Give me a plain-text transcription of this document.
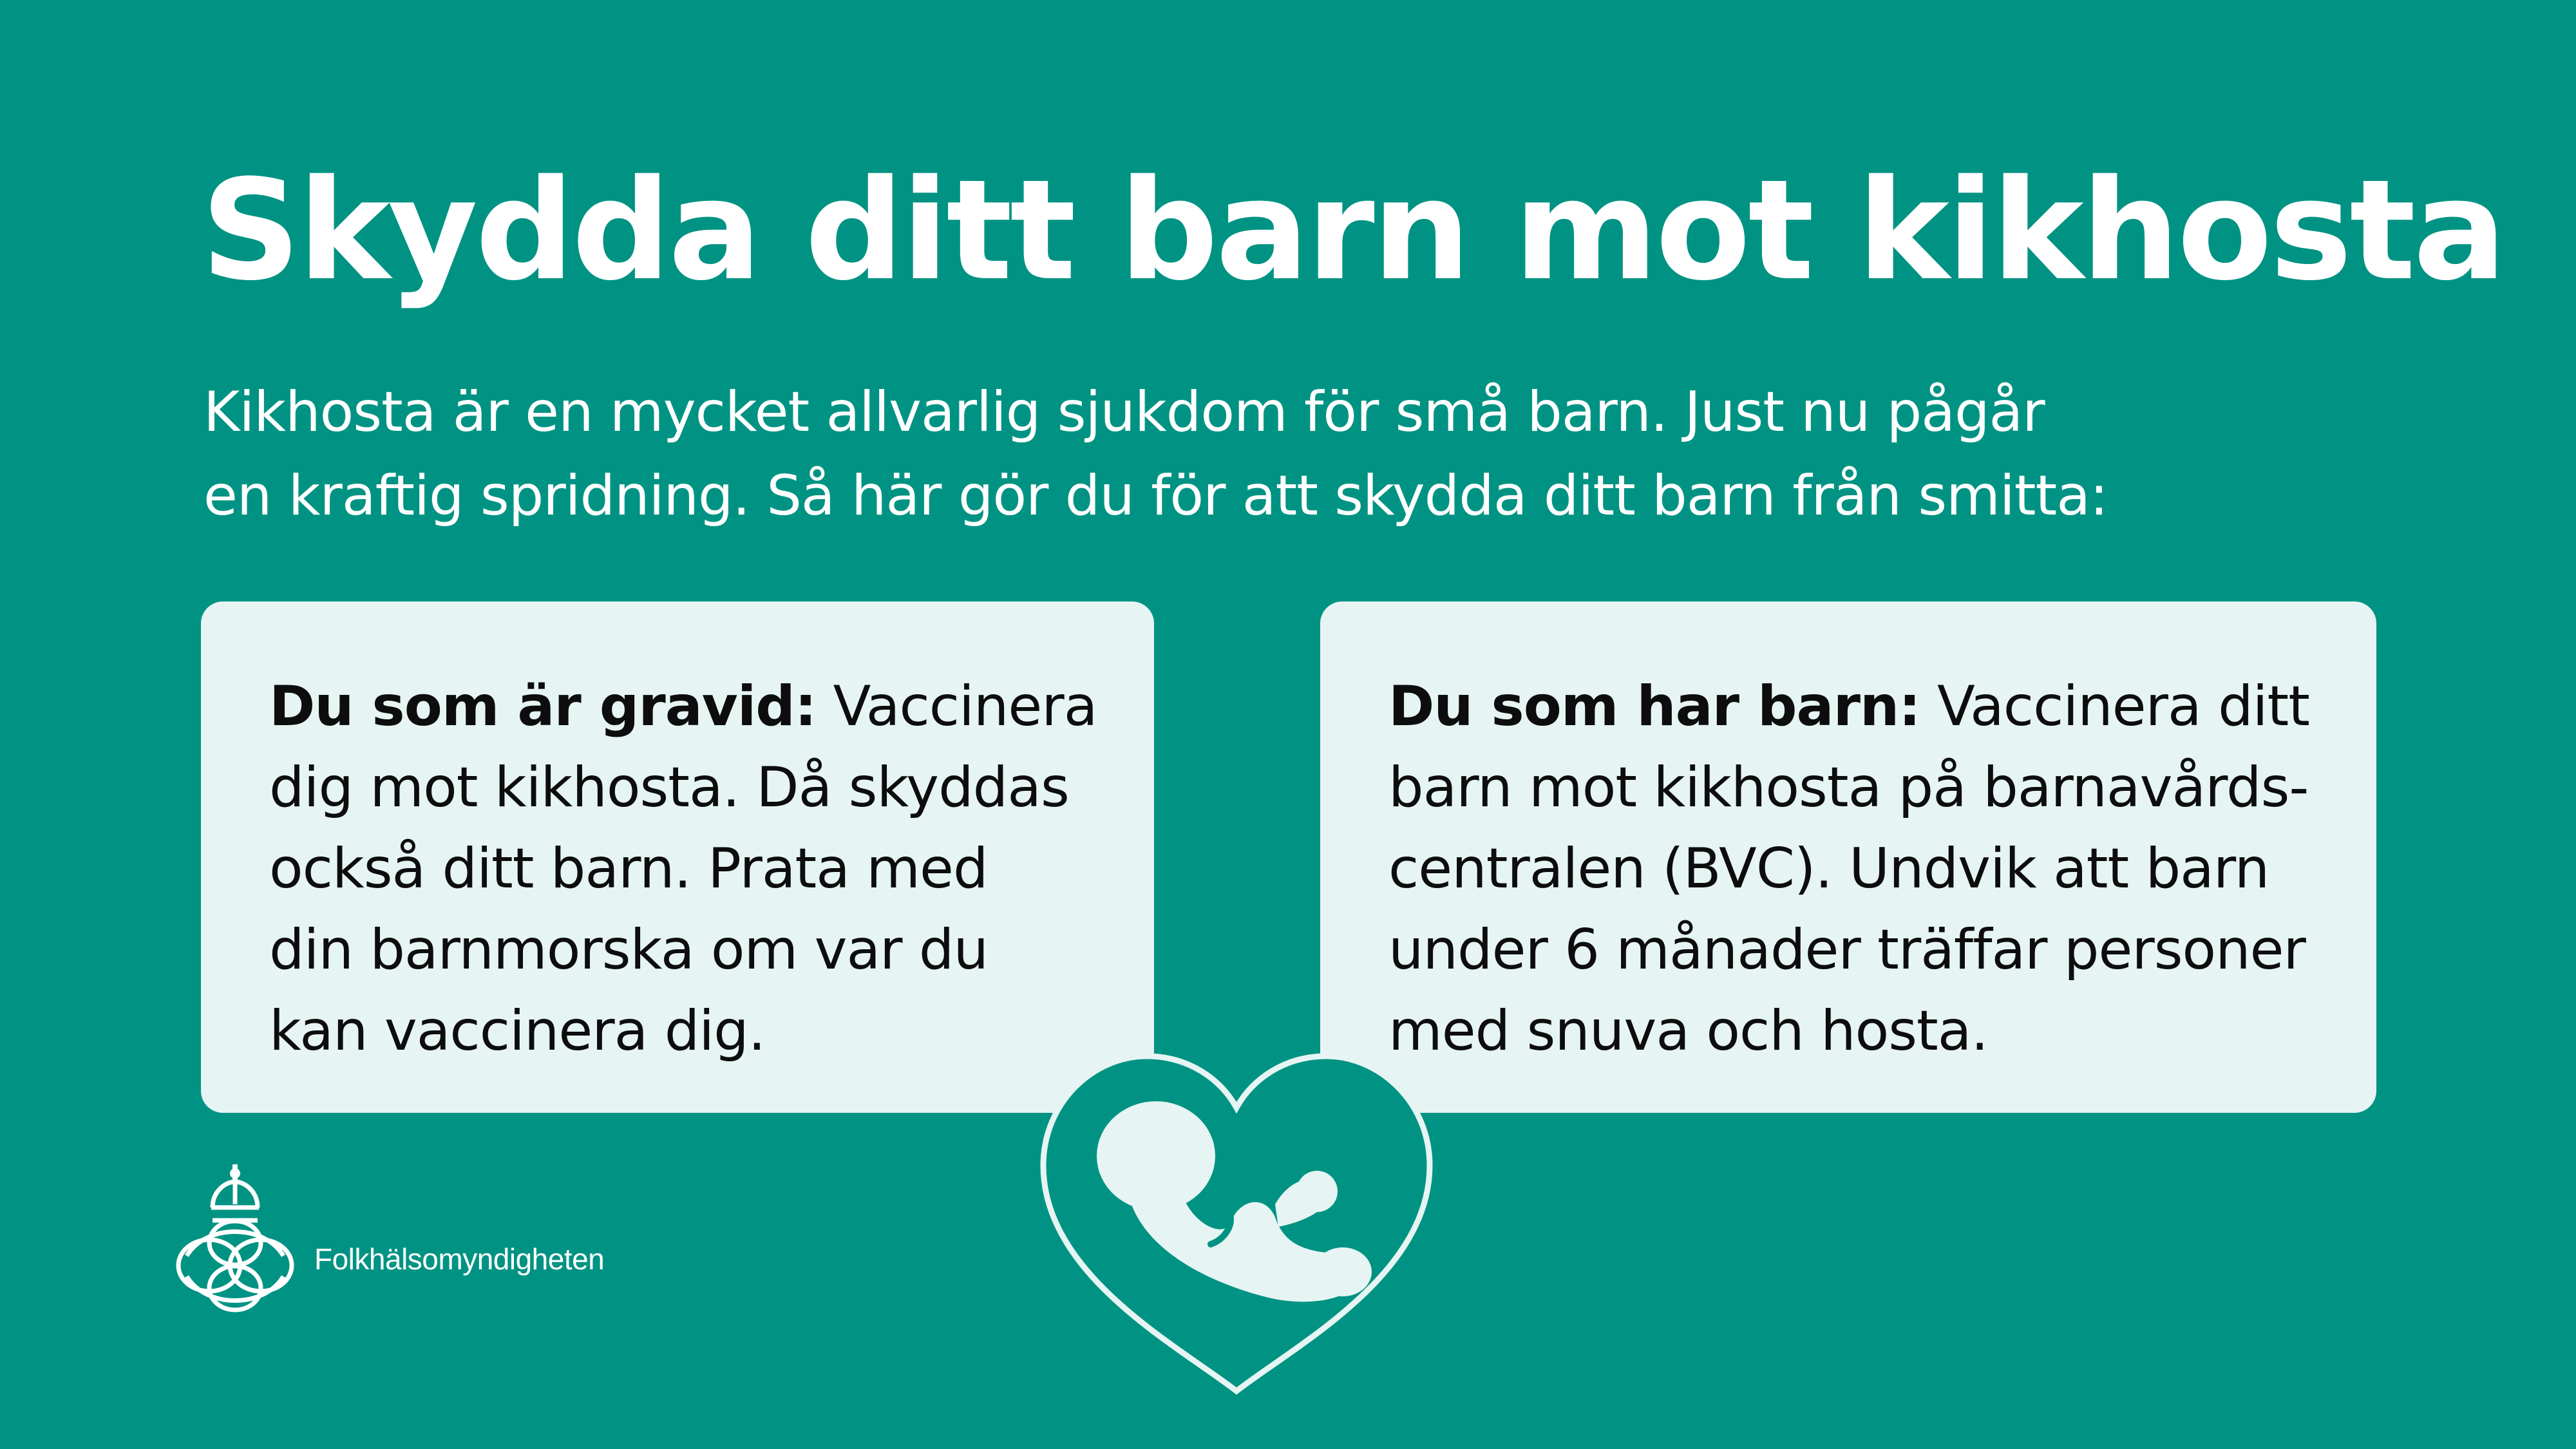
Skydda ditt barn mot kikhosta
Kikhosta är en mycket allvarlig sjukdom för små barn. Just nu pågår
en kraftig spridning. Så här gör du för att skydda ditt barn från smitta:
Du som är gravid: Vaccinera
dig mot kikhosta. Då skyddas
också ditt barn. Prata med
din barnmorska om var du
kan vaccinera dig.
Du som har barn: Vaccinera ditt
barn mot kikhosta på barnavårds-
centralen (BVC). Undvik att barn
under 6 månader träffar personer
med snuva och hosta.
Folkhälsomyndigheten
